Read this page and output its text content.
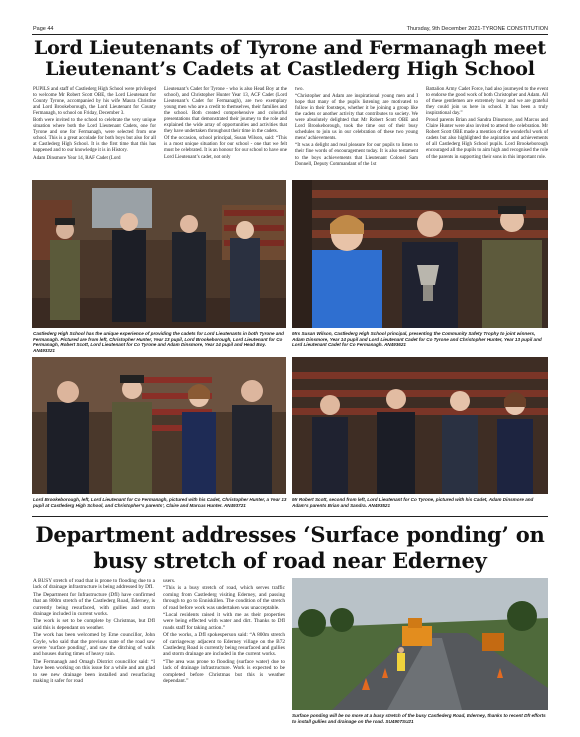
Page 44	Thursday, 9th December 2021-TYRONE CONSTITUTION
Lord Lieutenants of Tyrone and Fermanagh meet Lieutenant’s Cadets at Castlederg High School

PUPILS and staff of Castlederg High School were privileged to welcome Mr Robert Scott OBE, the Lord Lieutenant for County Tyrone, accompanied by his wife Maura Christine and Lord Brookeborough, the Lord Lieutenant for County Fermanagh, to school on Friday, December 3.

Both were invited to the school to celebrate the very unique situation where both the Lord Lieutenant Cadets, one for Tyrone and one for Fermanagh, were selected from one school. This is a great accolade for both boys but also for all at Castlederg High School. It is the first time that this has happened and to our knowledge it is in History.

Adam Dinsmore Year 14, RAF Cadet (Lord

Lieutenant’s Cadet for Tyrone - who is also Head Boy at the school), and Christopher Hunter Year 13, ACF Cadet (Lord Lieutenant’s Cadet for Fermanagh), are two exemplary young men who are a credit to themselves, their families and the school. Both created comprehensive and colourful presentations that demonstrated their journey to the role and explained the wide array of opportunities and activities that they have undertaken throughout their time in the cadets.

Of the occasion, school principal, Susan Wilson, said: “This is a most unique situation for our school - one that we felt must be celebrated. It is an honour for our school to have one Lord Lieutenant’s cadet, not only

two.

“Christopher and Adam are inspirational young men and I hope that many of the pupils listening are motivated to follow in their footsteps, whether it be joining a group like the cadets or another activity that contributes to society. We were absolutely delighted that Mr Robert Scott OBE and Lord Brookeborough, took the time out of their busy schedules to join us in our celebration of these two young mens’ achievements.

“It was a delight and real pleasure for our pupils to listen to their fine words of encouragement today. It is also testament to the boys achievements that Lieutenant Colonel Sam Donnell, Deputy Commandant of the 1st

Battalion Army Cadet Force, had also journeyed to the event to endorse the good work of both Christopher and Adam. All of these gentlemen are extremely busy and we are grateful they could join us here in school. It has been a truly inspirational day.”

Proud parents Brian and Sandra Dinsmore, and Marcus and Claire Hunter were also invited to attend the celebration. Mr Robert Scott OBE made a mention of the wonderful work of cadets but also highlighted the aspiration and achievements of all Castlederg High School pupils. Lord Brookeborough encouraged all the pupils to aim high and recognised the role of the parents in supporting their sons in this important role.

Castlederg High School has the unique experience of providing the cadets for Lord Lieutenants in both Tyrone and Fermanagh. Pictured are from left, Christopher Hunter, Year 13 pupil, Lord Brookeborough, Lord Lieutenant for Co Fermanagh, Robert Scott, Lord Lieutenant for Co Tyrone and Adam Dinsmore, Year 14 pupil and Head Boy. AN493321
Mrs Susan Wilson, Castlederg High School principal, presenting the Community Safety Trophy to joint winners, Adam Dinsmore, Year 14 pupil and Lord Lieutenant Cadet for Co Tyrone and Christopher Hunter, Year 13 pupil and Lord Lieutenant Cadet for Co Fermanagh. AN493621
Lord Brookeborough, left, Lord Lieutenant for Co Fermanagh, pictured with his Cadet, Christopher Hunter, a Year 13 pupil at Castlederg High School, and Christopher’s parents’, Claire and Marcus Hunter. AN493721
Mr Robert Scott, second from left, Lord Lieutenant for Co Tyrone, pictured with his Cadet, Adam Dinsmore and Adam’s parents Brian and Sandra. AN493521
Department addresses ‘Surface ponding’ on busy stretch of road near Ederney

A BUSY stretch of road that is prone to flooding due to a lack of drainage infrastructure is being addressed by DfI.

The Department for Infrastructure (DfI) have confirmed that an 800m stretch of the Castlederg Road, Ederney, is currently being resurfaced, with gullies and storm drainage included in current works.

The work is set to be complete by Christmas, but DfI said this is dependant on weather.

The work has been welcomed by Erne councillor, John Coyle, who said that the previous state of the road saw severe ‘surface ponding’, and saw the ditching of walls and houses during times of heavy rain.

The Fermanagh and Omagh District councillor said: “I have been working on this issue for a while and am glad to see new drainage been installed and resurfacing making it safer for road

users.

“This is a busy stretch of road, which serves traffic coming from Castlederg visiting Ederney, and passing through to go to Enniskillen. The condition of the stretch of road before work was undertaken was unacceptable.

“Local residents raised it with me as their properties were being effected with water and dirt. Thanks to DfI roads staff for taking action.”

Of the works, a DfI spokesperson said: “A 800m stretch of carriageway adjacent to Ederney village on the B72 Castlederg Road is currently being resurfaced and gullies and storm drainage are included in the current works.

“The area was prone to flooding (surface water) due to lack of drainage infrastructure. Work is expected to be completed before Christmas but this is weather dependant.”

Surface ponding will be no more at a busy stretch of the busy Castlederg Road, Ederney, thanks to recent DfI efforts to install gullies and drainage on the road. SU4907SU21
